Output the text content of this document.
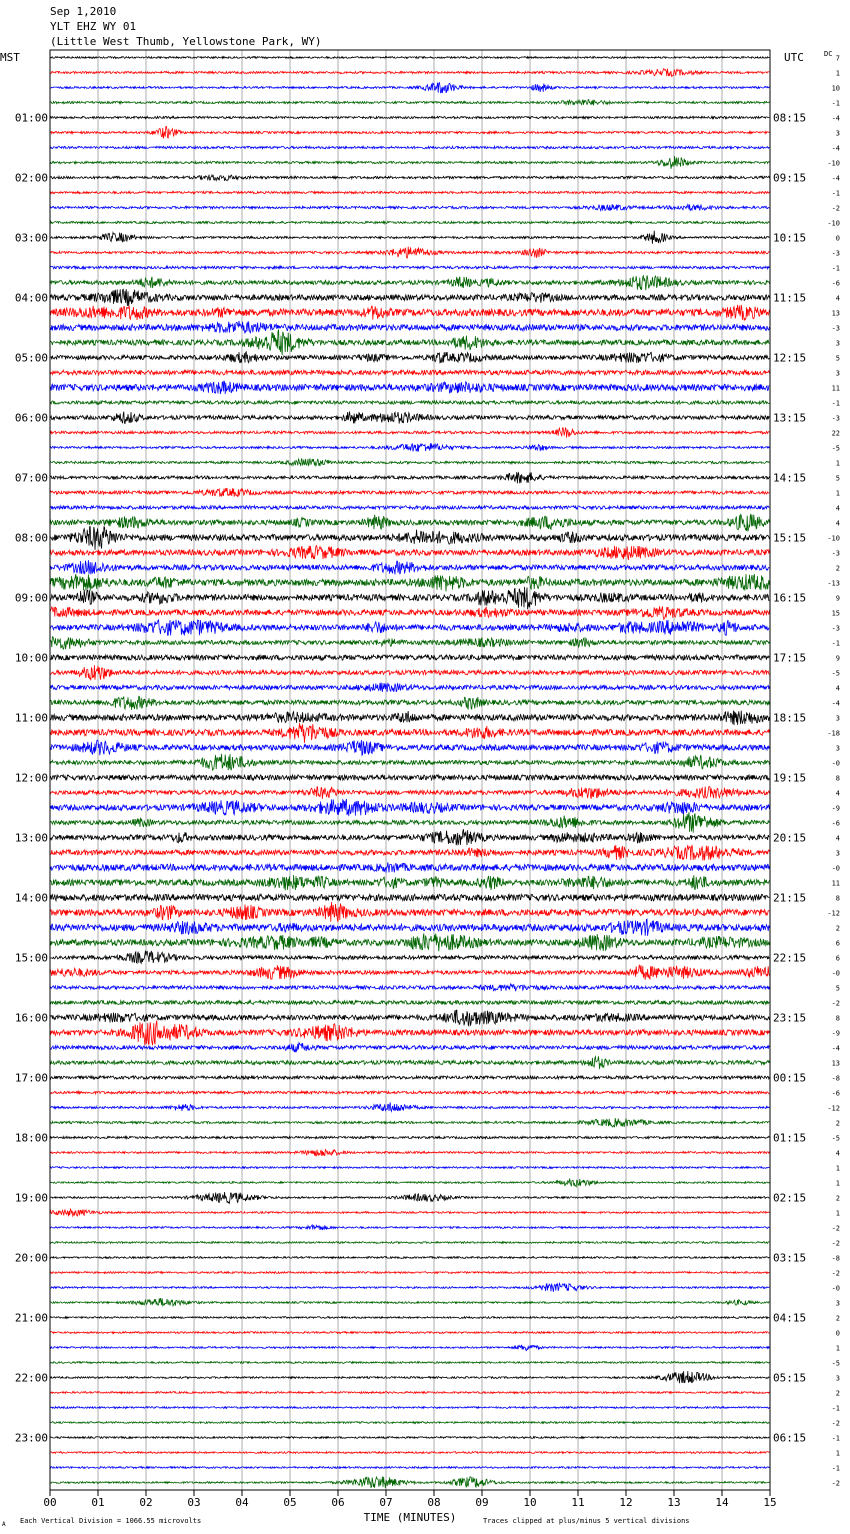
Sep 1,2010
YLT EHZ WY 01
(Little West Thumb, Yellowstone Park, WY)
MST	UTC	DC
TIME (MINUTES)
Each Vertical Division = 1066.55 microvolts	Traces clipped at plus/minus 5 vertical divisions
A
00	01	02	03	04	05	06	07	08	09	10	11	12	13	14	15
7
1
10
-1
-4
3
-4
-10
-4
-1
-2
-10
0
-3
-1
-6
4
13
-3
3
5
3
11
-1
-3
22
-5
1
5
1
4
4
-10
-3
2
-13
9
15
-3
-1
9
-5
4
-4
3
-18
3
-0
8
4
-9
-6
4
3
-0
11
8
-12
2
6
6
-0
5
-2
8
-9
-4
13
-8
-6
-12
2
-5
4
1
1
2
1
-2
-2
-8
-2
-0
3
2
0
1
-5
3
2
-1
-2
-1
1
-1
-2
01:00	08:15
02:00	09:15
03:00	10:15
04:00	11:15
05:00	12:15
06:00	13:15
07:00	14:15
08:00	15:15
09:00	16:15
10:00	17:15
11:00	18:15
12:00	19:15
13:00	20:15
14:00	21:15
15:00	22:15
16:00	23:15
17:00	00:15
18:00	01:15
19:00	02:15
20:00	03:15
21:00	04:15
22:00	05:15
23:00	06:15
